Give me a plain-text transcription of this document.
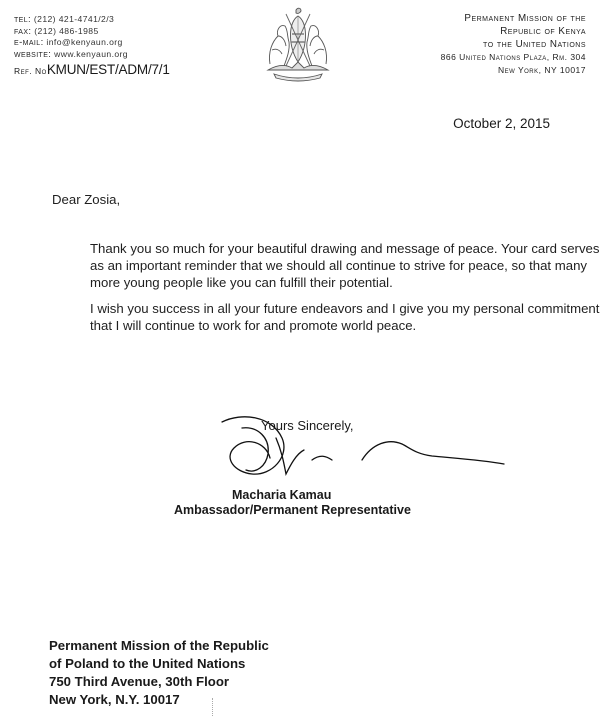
tel: (212) 421-4741/2/3
fax: (212) 486-1985
e-mail: info@kenyaun.org
website: www.kenyaun.org
Ref. NoKMUN/EST/ADM/7/1
Permanent Mission of the
Republic of Kenya
to the United Nations
866 United Nations Plaza, Rm. 304
New York, NY 10017
October 2, 2015
Dear Zosia,
Thank you so much for your beautiful drawing and message of peace. Your card serves as an important reminder that we should all continue to strive for peace, so that many more young people like you can fulfill their potential.
I wish you success in all your future endeavors and I give you my personal commitment that I will continue to work for and promote world peace.
Yours Sincerely,
Macharia Kamau
Ambassador/Permanent Representative
Permanent Mission of the Republic
of Poland to the United Nations
750 Third Avenue, 30th Floor
New York, N.Y. 10017
